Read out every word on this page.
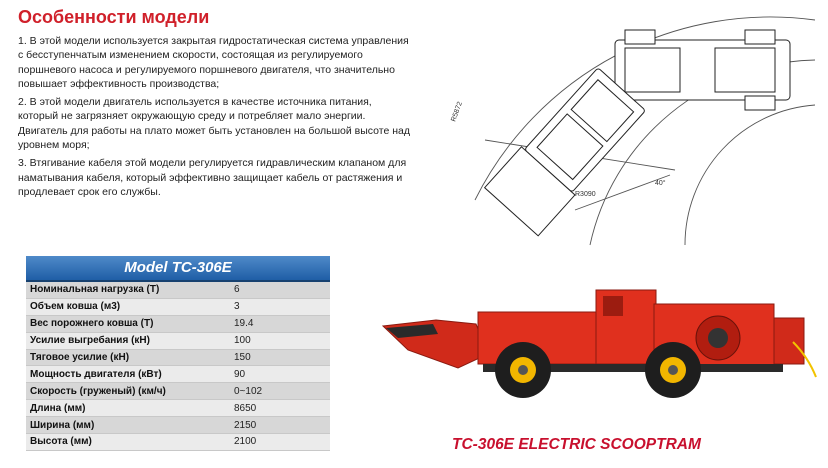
Особенности модели

1. В этой модели используется закрытая гидростатическая система управления с бесступенчатым изменением скорости, состоящая из регулируемого поршневого насоса и регулируемого поршневого двигателя, что значительно повышает эффективность производства;

2. В этой модели двигатель используется в качестве источника питания, который не загрязняет окружающую среду и потребляет мало энергии. Двигатель для работы на плато может быть установлен на большой высоте над уровнем моря;

3. Втягивание кабеля этой модели регулируется гидравлическим клапаном для наматывания кабеля, который эффективно защищает кабель от растяжения и продлевает срок его службы.

R5872
R3090
40°
Model TC-306E
Номинальная нагрузка (Т)	6
Объем ковша (м3)	3
Вес порожнего ковша (Т)	19.4
Усилие выгребания (кН)	100
Тяговое усилие (кН)	150
Мощность двигателя (кВт)	90
Скорость (груженый) (км/ч)	0~102
Длина (мм)	8650
Ширина (мм)	2150
Высота (мм)	2100	TC-306E ELECTRIC SCOOPTRAM
